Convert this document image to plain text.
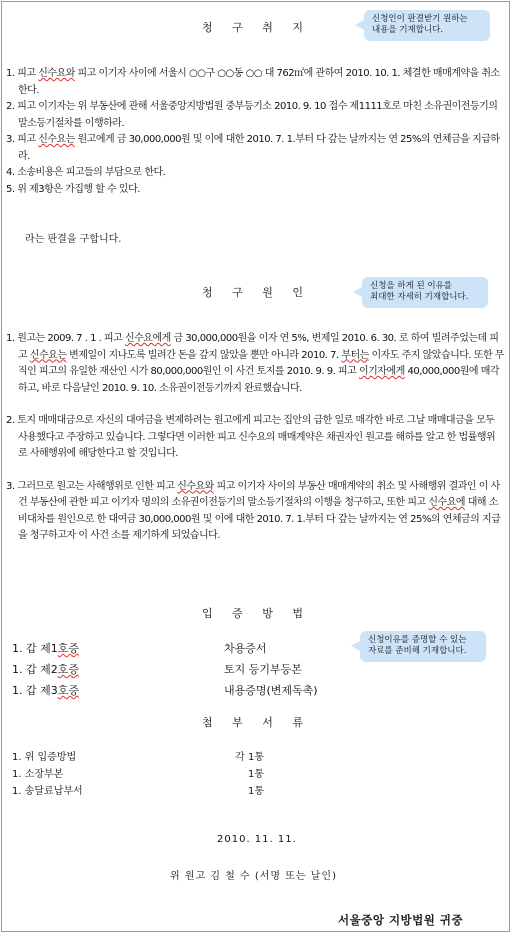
청 구 취 지
신청인이 판결받기 원하는
내용을 기재합니다.
1. 피고 신수요와 피고 이기자 사이에 서울시 ○○구 ○○동 ○○ 대 762㎡에 관하여 2010. 10. 1. 체결한 매매계약을 취소한다.
2. 피고 이기자는 위 부동산에 관해 서울중앙지방법원 중부등기소 2010. 9. 10 접수 제1111호로 마친 소유권이전등기의 말소등기절차를 이행하라.
3. 피고 신수요는 원고에게 금 30,000,000원 및 이에 대한 2010. 7. 1.부터 다 갚는 날까지는 연 25%의 연체금을 지급하라.
4. 소송비용은 피고들의 부담으로 한다.
5. 위 제3항은 가집행 할 수 있다.
라는 판결을 구합니다.
청 구 원 인	신청을 하게 된 이유를
최대한 자세히 기재합니다.
1. 원고는 2009. 7 . 1 . 피고 신수요에게 금 30,000,000원을 이자 연 5%, 변제일 2010. 6. 30. 로 하여 빌려주었는데 피고 신수요는 변제일이 지나도록 빌려간 돈을 갚지 않았을 뿐만 아니라 2010. 7. 부터는 이자도 주지 않았습니다. 또한 무직인 피고의 유일한 재산인 시가 80,000,000원인 이 사건 토지를 2010. 9. 9. 피고 이기자에게 40,000,000원에 매각하고, 바로 다음날인 2010. 9. 10. 소유권이전등기까지 완료했습니다.
2. 토지 매매대금으로 자신의 대여금을 변제하려는 원고에게 피고는 집안의 급한 일로 매각한 바로 그날 매매대금을 모두 사용했다고 주장하고 있습니다. 그렇다면 이러한 피고 신수요의 매매계약은 채권자인 원고를 해하를 알고 한 법률행위로 사해행위에 해당한다고 할 것입니다.
3. 그러므로 원고는 사해행위로 인한 피고 신수요와 피고 이기자 사이의 부동산 매매계약의 취소 및 사해행위 결과인 이 사건 부동산에 관한 피고 이기자 명의의 소유권이전등기의 말소등기절차의 이행을 청구하고, 또한 피고 신수요에 대해 소비대차를 원인으로 한 대여금 30,000,000원 및 이에 대한 2010. 7. 1.부터 다 갚는 날까지는 연 25%의 연체금의 지급을 청구하고자 이 사건 소를 제기하게 되었습니다.
입 증 방 법
신청이유를 증명할 수 있는
자료를 준비해 기재합니다.
1. 갑 제1호증	차용증서
1. 갑 제2호증	토지 등기부등본
1. 갑 제3호증	내용증명(변제독촉)
첨 부 서 류
1. 위 입증방법	각 1통
1. 소장부본	1통
1. 송달료납부서	1통
2010. 11. 11.
위 원고 김 철 수 (서명 또는 날인)
서울중앙 지방법원 귀중
